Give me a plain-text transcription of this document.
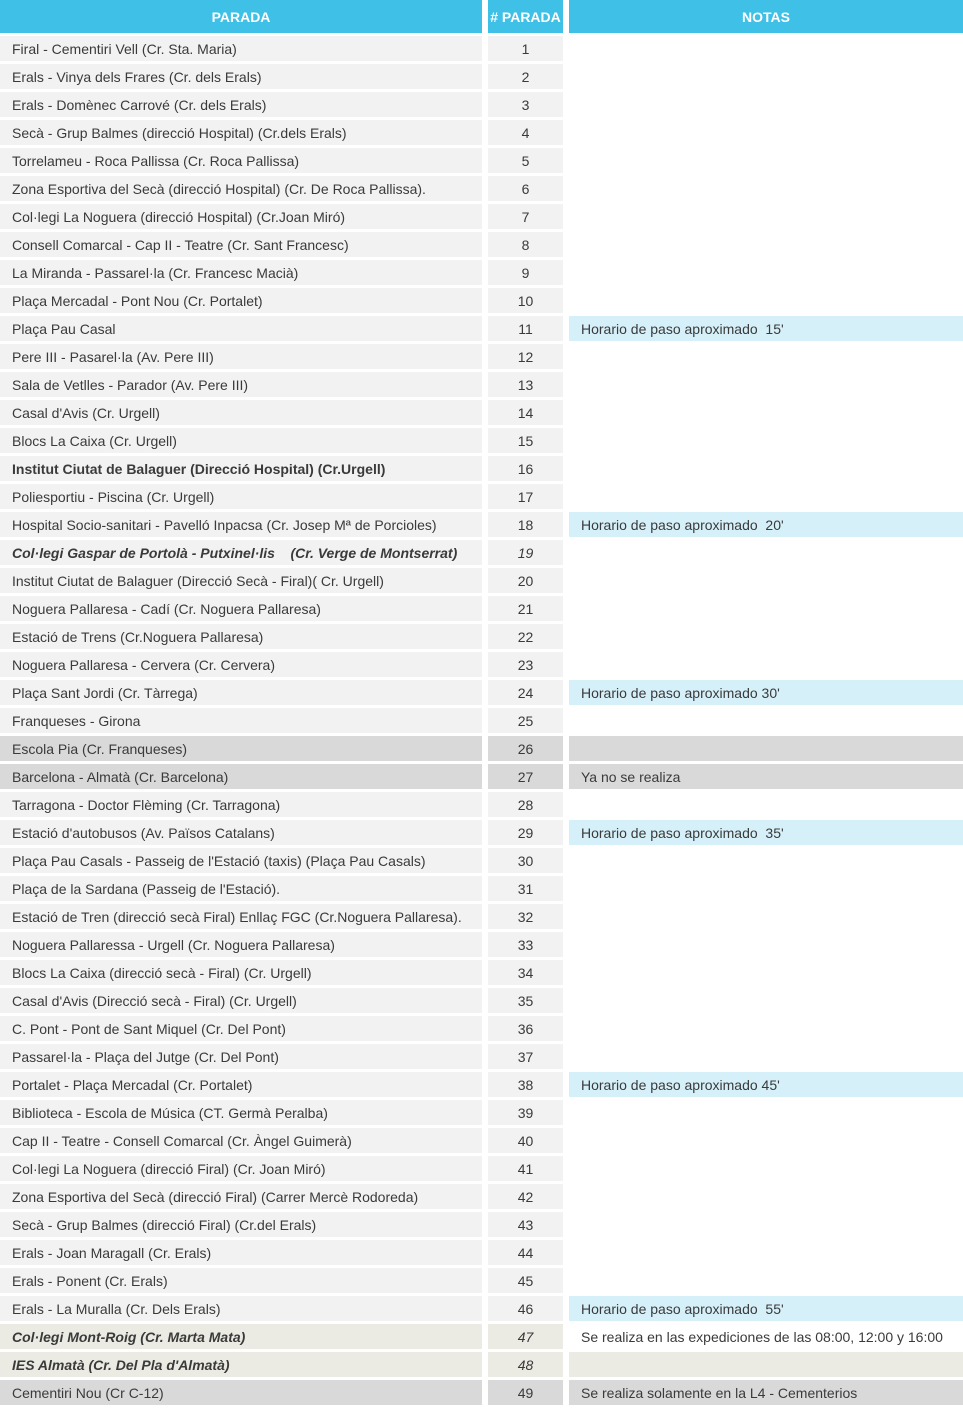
PARADA	# PARADA	NOTAS
Firal - Cementiri Vell (Cr. Sta. Maria)	1	
Erals - Vinya dels Frares (Cr. dels Erals)	2	
Erals - Domènec Carrové (Cr. dels Erals)	3	
Secà - Grup Balmes (direcció Hospital) (Cr.dels Erals)	4	
Torrelameu - Roca Pallissa (Cr. Roca Pallissa)	5	
Zona Esportiva del Secà (direcció Hospital) (Cr. De Roca Pallissa).	6	
Col·legi La Noguera (direcció Hospital) (Cr.Joan Miró)	7	
Consell Comarcal - Cap II - Teatre (Cr. Sant Francesc)	8	
La Miranda - Passarel·la (Cr. Francesc Macià)	9	
Plaça Mercadal - Pont Nou (Cr. Portalet)	10	
Plaça Pau Casal	11	Horario de paso aproximado  15'
Pere III - Pasarel·la (Av. Pere III)	12	
Sala de Vetlles - Parador (Av. Pere III)	13	
Casal d'Avis (Cr. Urgell)	14	
Blocs La Caixa (Cr. Urgell)	15	
Institut Ciutat de Balaguer (Direcció Hospital) (Cr.Urgell)	16	
Poliesportiu - Piscina (Cr. Urgell)	17	
Hospital Socio-sanitari - Pavelló Inpacsa (Cr. Josep Mª de Porcioles)	18	Horario de paso aproximado  20'
Col·legi Gaspar de Portolà - Putxinel·lis    (Cr. Verge de Montserrat)	19	
Institut Ciutat de Balaguer (Direcció Secà - Firal)( Cr. Urgell)	20	
Noguera Pallaresa - Cadí (Cr. Noguera Pallaresa)	21	
Estació de Trens (Cr.Noguera Pallaresa)	22	
Noguera Pallaresa - Cervera (Cr. Cervera)	23	
Plaça Sant Jordi (Cr. Tàrrega)	24	Horario de paso aproximado 30'
Franqueses - Girona	25	
Escola Pia (Cr. Franqueses)	26	
Barcelona - Almatà (Cr. Barcelona)	27	Ya no se realiza
Tarragona - Doctor Flèming (Cr. Tarragona)	28	
Estació d'autobusos (Av. Països Catalans)	29	Horario de paso aproximado  35'
Plaça Pau Casals - Passeig de l'Estació (taxis) (Plaça Pau Casals)	30	
Plaça de la Sardana (Passeig de l'Estació).	31	
Estació de Tren (direcció secà Firal) Enllaç FGC (Cr.Noguera Pallaresa).	32	
Noguera Pallaressa - Urgell (Cr. Noguera Pallaresa)	33	
Blocs La Caixa (direcció secà - Firal) (Cr. Urgell)	34	
Casal d'Avis (Direcció secà - Firal) (Cr. Urgell)	35	
C. Pont - Pont de Sant Miquel (Cr. Del Pont)	36	
Passarel·la - Plaça del Jutge (Cr. Del Pont)	37	
Portalet - Plaça Mercadal (Cr. Portalet)	38	Horario de paso aproximado 45'
Biblioteca - Escola de Música (CT. Germà Peralba)	39	
Cap II - Teatre - Consell Comarcal (Cr. Àngel Guimerà)	40	
Col·legi La Noguera (direcció Firal) (Cr. Joan Miró)	41	
Zona Esportiva del Secà (direcció Firal) (Carrer Mercè Rodoreda)	42	
Secà - Grup Balmes (direcció Firal) (Cr.del Erals)	43	
Erals - Joan Maragall (Cr. Erals)	44	
Erals - Ponent (Cr. Erals)	45	
Erals - La Muralla (Cr. Dels Erals)	46	Horario de paso aproximado  55'
Col·legi Mont-Roig (Cr. Marta Mata)	47	Se realiza en las expediciones de las 08:00, 12:00 y 16:00
IES Almatà (Cr. Del Pla d'Almatà)	48	
Cementiri Nou (Cr C-12)	49	Se realiza solamente en la L4 - Cementerios
